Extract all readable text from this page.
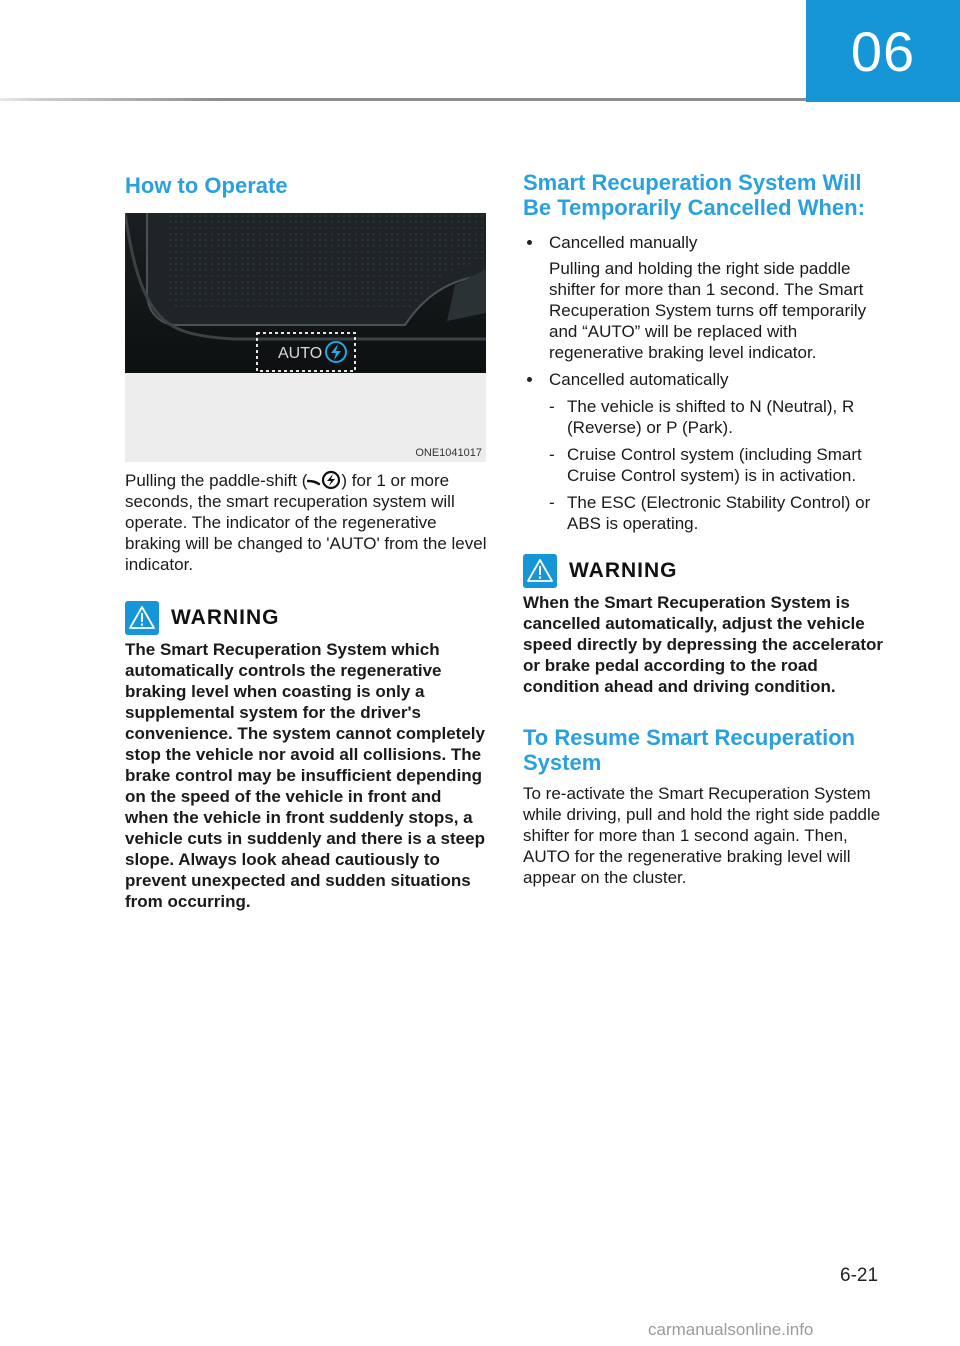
06
How to Operate
AUTO
ONE1041017

Pulling the paddle-shift ( ) for 1 or more seconds, the smart recuperation system will operate. The indicator of the regenerative braking will be changed to 'AUTO' from the level indicator.

WARNING

The Smart Recuperation System which automatically controls the regenerative braking level when coasting is only a supplemental system for the driver's convenience. The system cannot completely stop the vehicle nor avoid all collisions. The brake control may be insufficient depending on the speed of the vehicle in front and when the vehicle in front suddenly stops, a vehicle cuts in suddenly and there is a steep slope. Always look ahead cautiously to prevent unexpected and sudden situations from occurring.

Smart Recuperation System Will Be Temporarily Cancelled When:
Cancelled manually
Pulling and holding the right side paddle shifter for more than 1 second. The Smart Recuperation System turns off temporarily and “AUTO” will be replaced with regenerative braking level indicator.
Cancelled automatically
- The vehicle is shifted to N (Neutral), R (Reverse) or P (Park).
- Cruise Control system (including Smart Cruise Control system) is in activation.
- The ESC (Electronic Stability Control) or ABS is operating.
WARNING

When the Smart Recuperation System is cancelled automatically, adjust the vehicle speed directly by depressing the accelerator or brake pedal according to the road condition ahead and driving condition.

To Resume Smart Recuperation System

To re-activate the Smart Recuperation System while driving, pull and hold the right side paddle shifter for more than 1 second again. Then, AUTO for the regenerative braking level will appear on the cluster.

6-21
carmanualsonline.info
